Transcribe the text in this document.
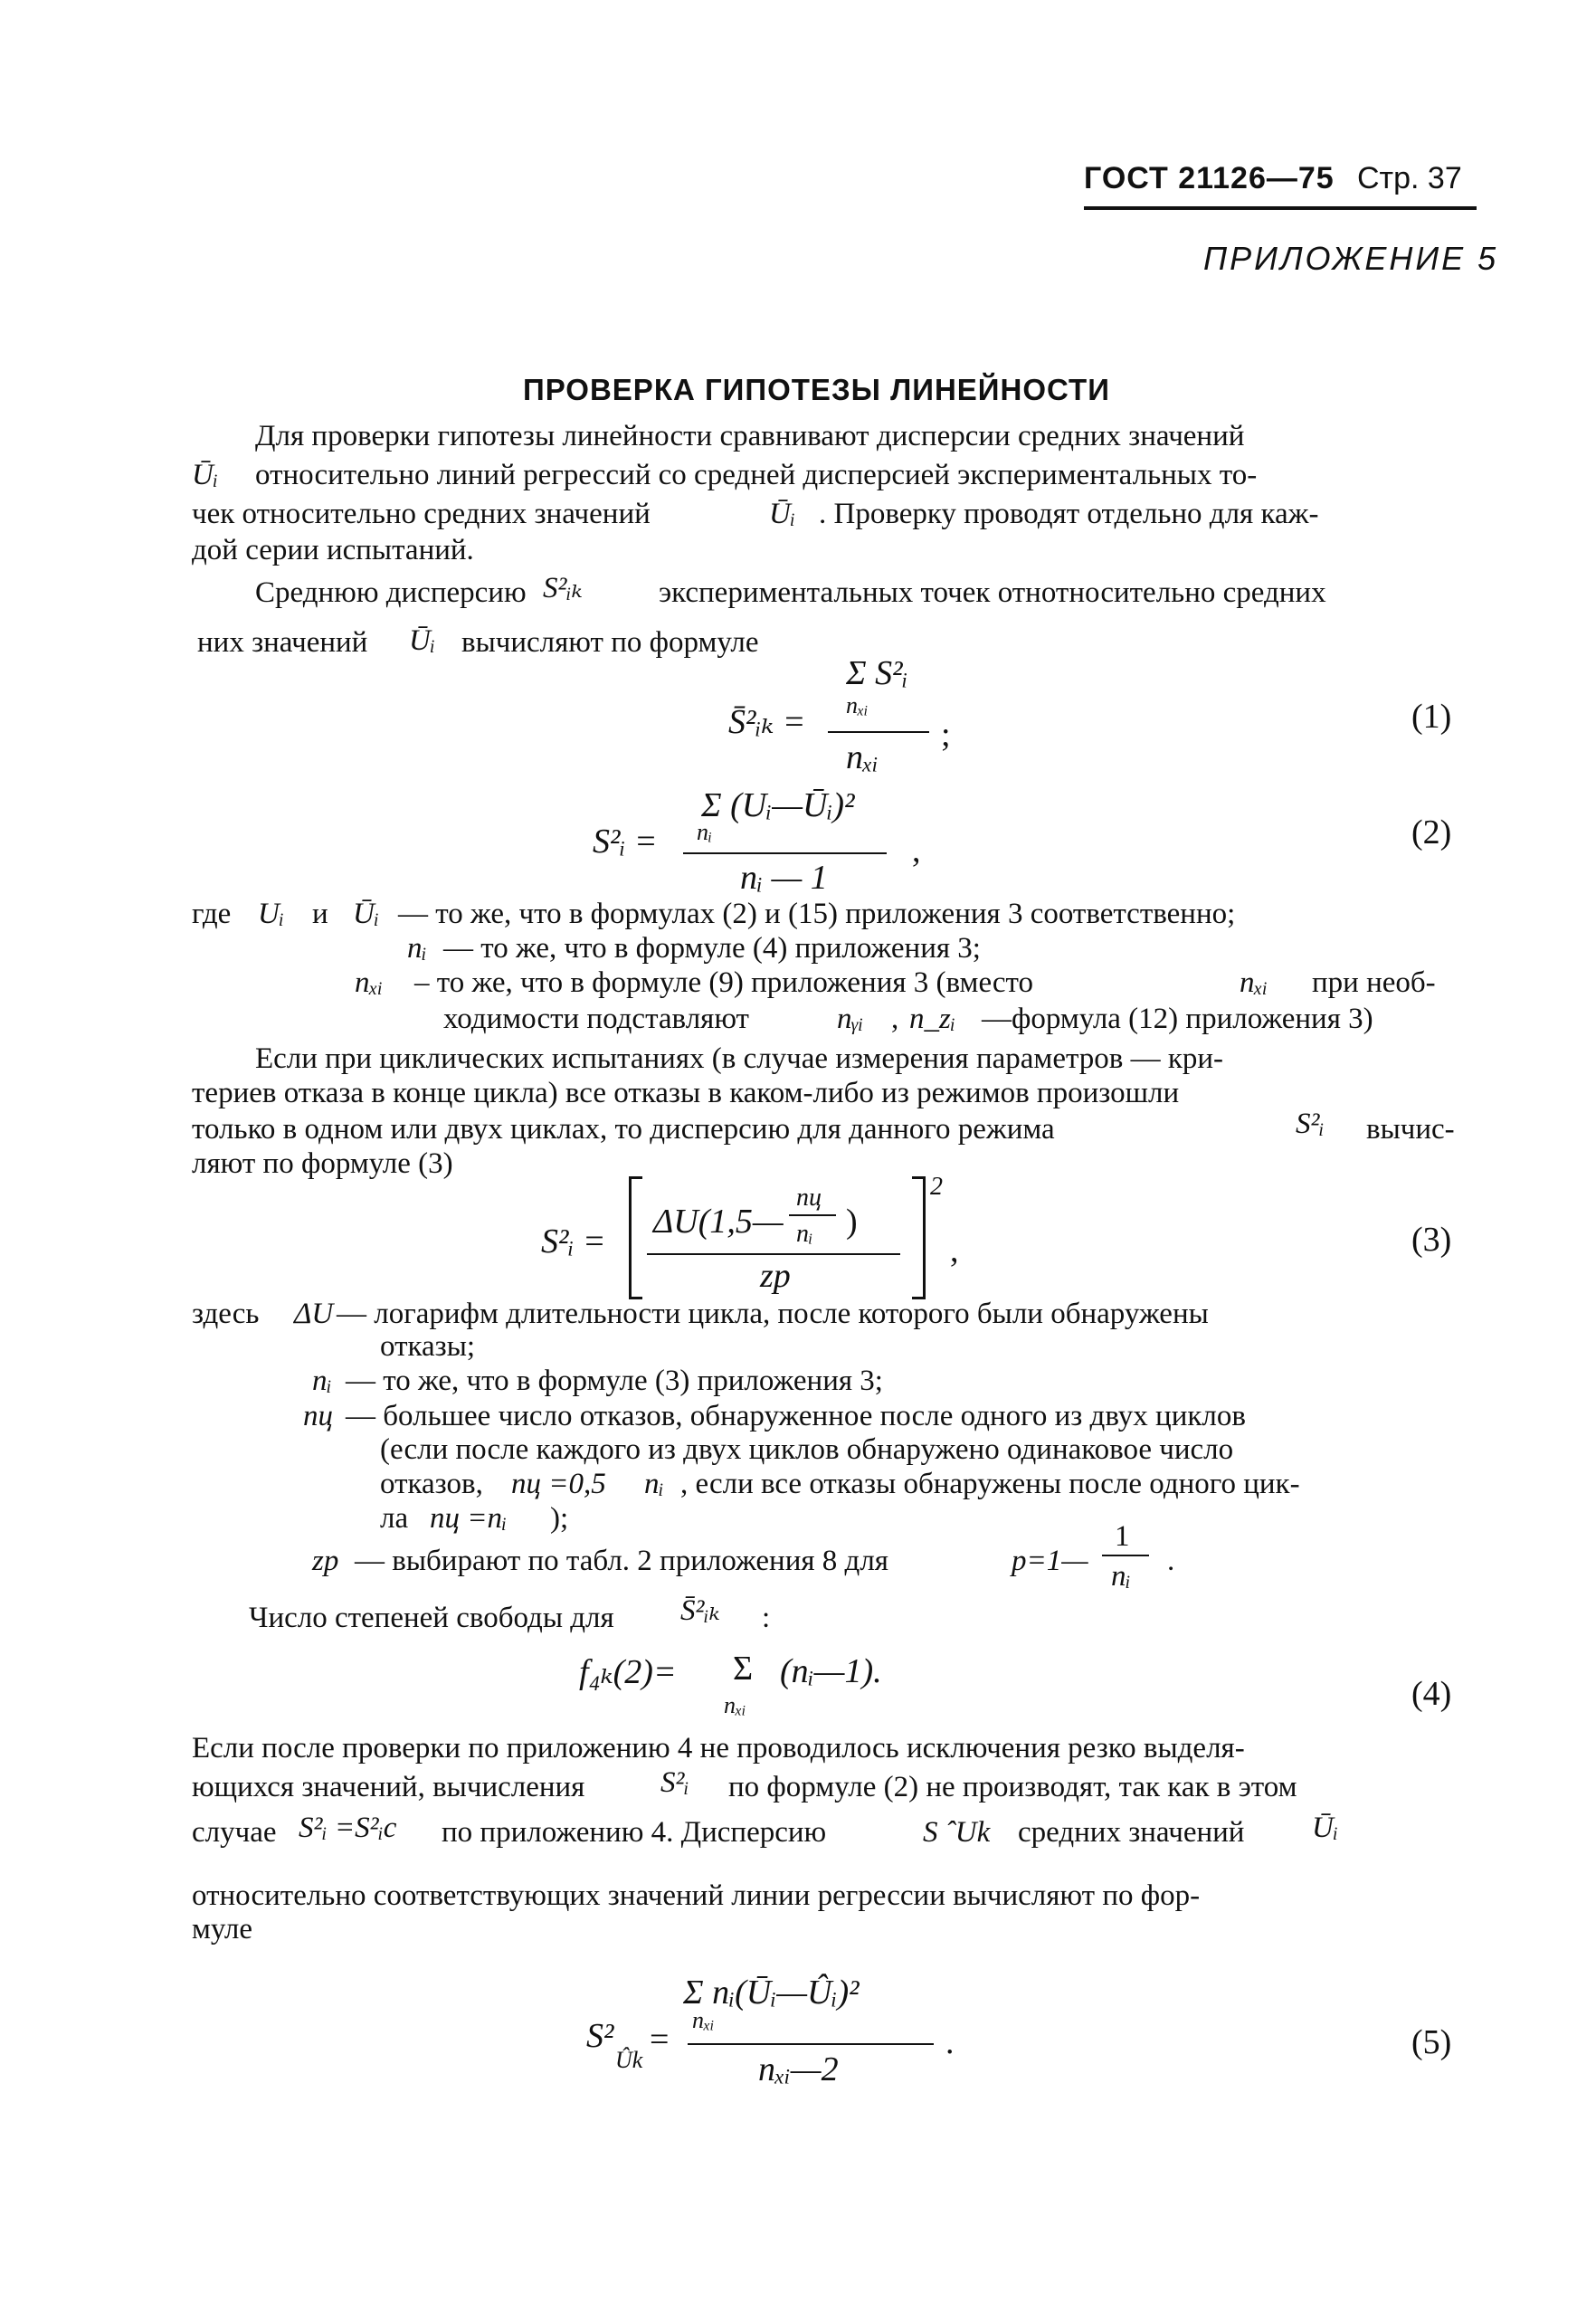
ГОСТ 21126—75 Стр. 37
ПРИЛОЖЕНИЕ 5
ПРОВЕРКА ГИПОТЕЗЫ ЛИНЕЙНОСТИ
Для проверки гипотезы линейности сравнивают дисперсии средних значений
Ūᵢ относительно линий регрессий со средней дисперсией экспериментальных то-
чек относительно средних значений	Ūᵢ . Проверку проводят отдельно для каж-
дой серии испытаний.
Среднюю дисперсию S²ᵢₖ	экспериментальных точек отнотносительно средних
них значений Ūᵢ вычисляют по формуле
Σ S²ᵢ
nₓᵢ
S̄²ᵢₖ =
nₓᵢ
;	(1)
Σ (Uᵢ—Ūᵢ)²
nᵢ
S²ᵢ =
nᵢ — 1
,	(2)
где Uᵢ и Ūᵢ — то же, что в формулах (2) и (15) приложения 3 соответственно;
nᵢ — то же, что в формуле (4) приложения 3;
nₓᵢ – то же, что в формуле (9) приложения 3 (вместо	nₓᵢ при необ-
ходимости подставляют	nᵧᵢ , n_zᵢ —формула (12) приложения 3)
Если при циклических испытаниях (в случае измерения параметров — кри-
териев отказа в конце цикла) все отказы в каком-либо из режимов произошли
только в одном или двух циклах, то дисперсию для данного режима	S²ᵢ вычис-
ляют по формуле (3)
S²ᵢ =
2
ΔU(1,5—
nц
nᵢ )
zр
,	(3)
здесь ΔU — логарифм длительности цикла, после которого были обнаружены
отказы;
nᵢ — то же, что в формуле (3) приложения 3;
nц — большее число отказов, обнаруженное после одного из двух циклов
(если после каждого из двух циклов обнаружено одинаковое число
отказов, nц =0,5 nᵢ , если все отказы обнаружены после одного цик-
ла nц =nᵢ );
zр — выбирают по табл. 2 приложения 8 для	p=1—
1
nᵢ .
Число степеней свободы для S̄²ᵢₖ :
f₄ₖ(2)= Σ
nₓᵢ
(nᵢ—1).
(4)
Если после проверки по приложению 4 не проводилось исключения резко выделя-
ющихся значений, вычисления	S²ᵢ по формуле (2) не производят, так как в этом
случае S²ᵢ =S²ᵢc по приложению 4. Дисперсию	S ˆUk средних значений Ūᵢ
относительно соответствующих значений линии регрессии вычисляют по фор-
муле
Σ nᵢ(Ūᵢ—Ûᵢ)²
nₓᵢ
S²
Ûk
=
nₓᵢ—2
.	(5)
